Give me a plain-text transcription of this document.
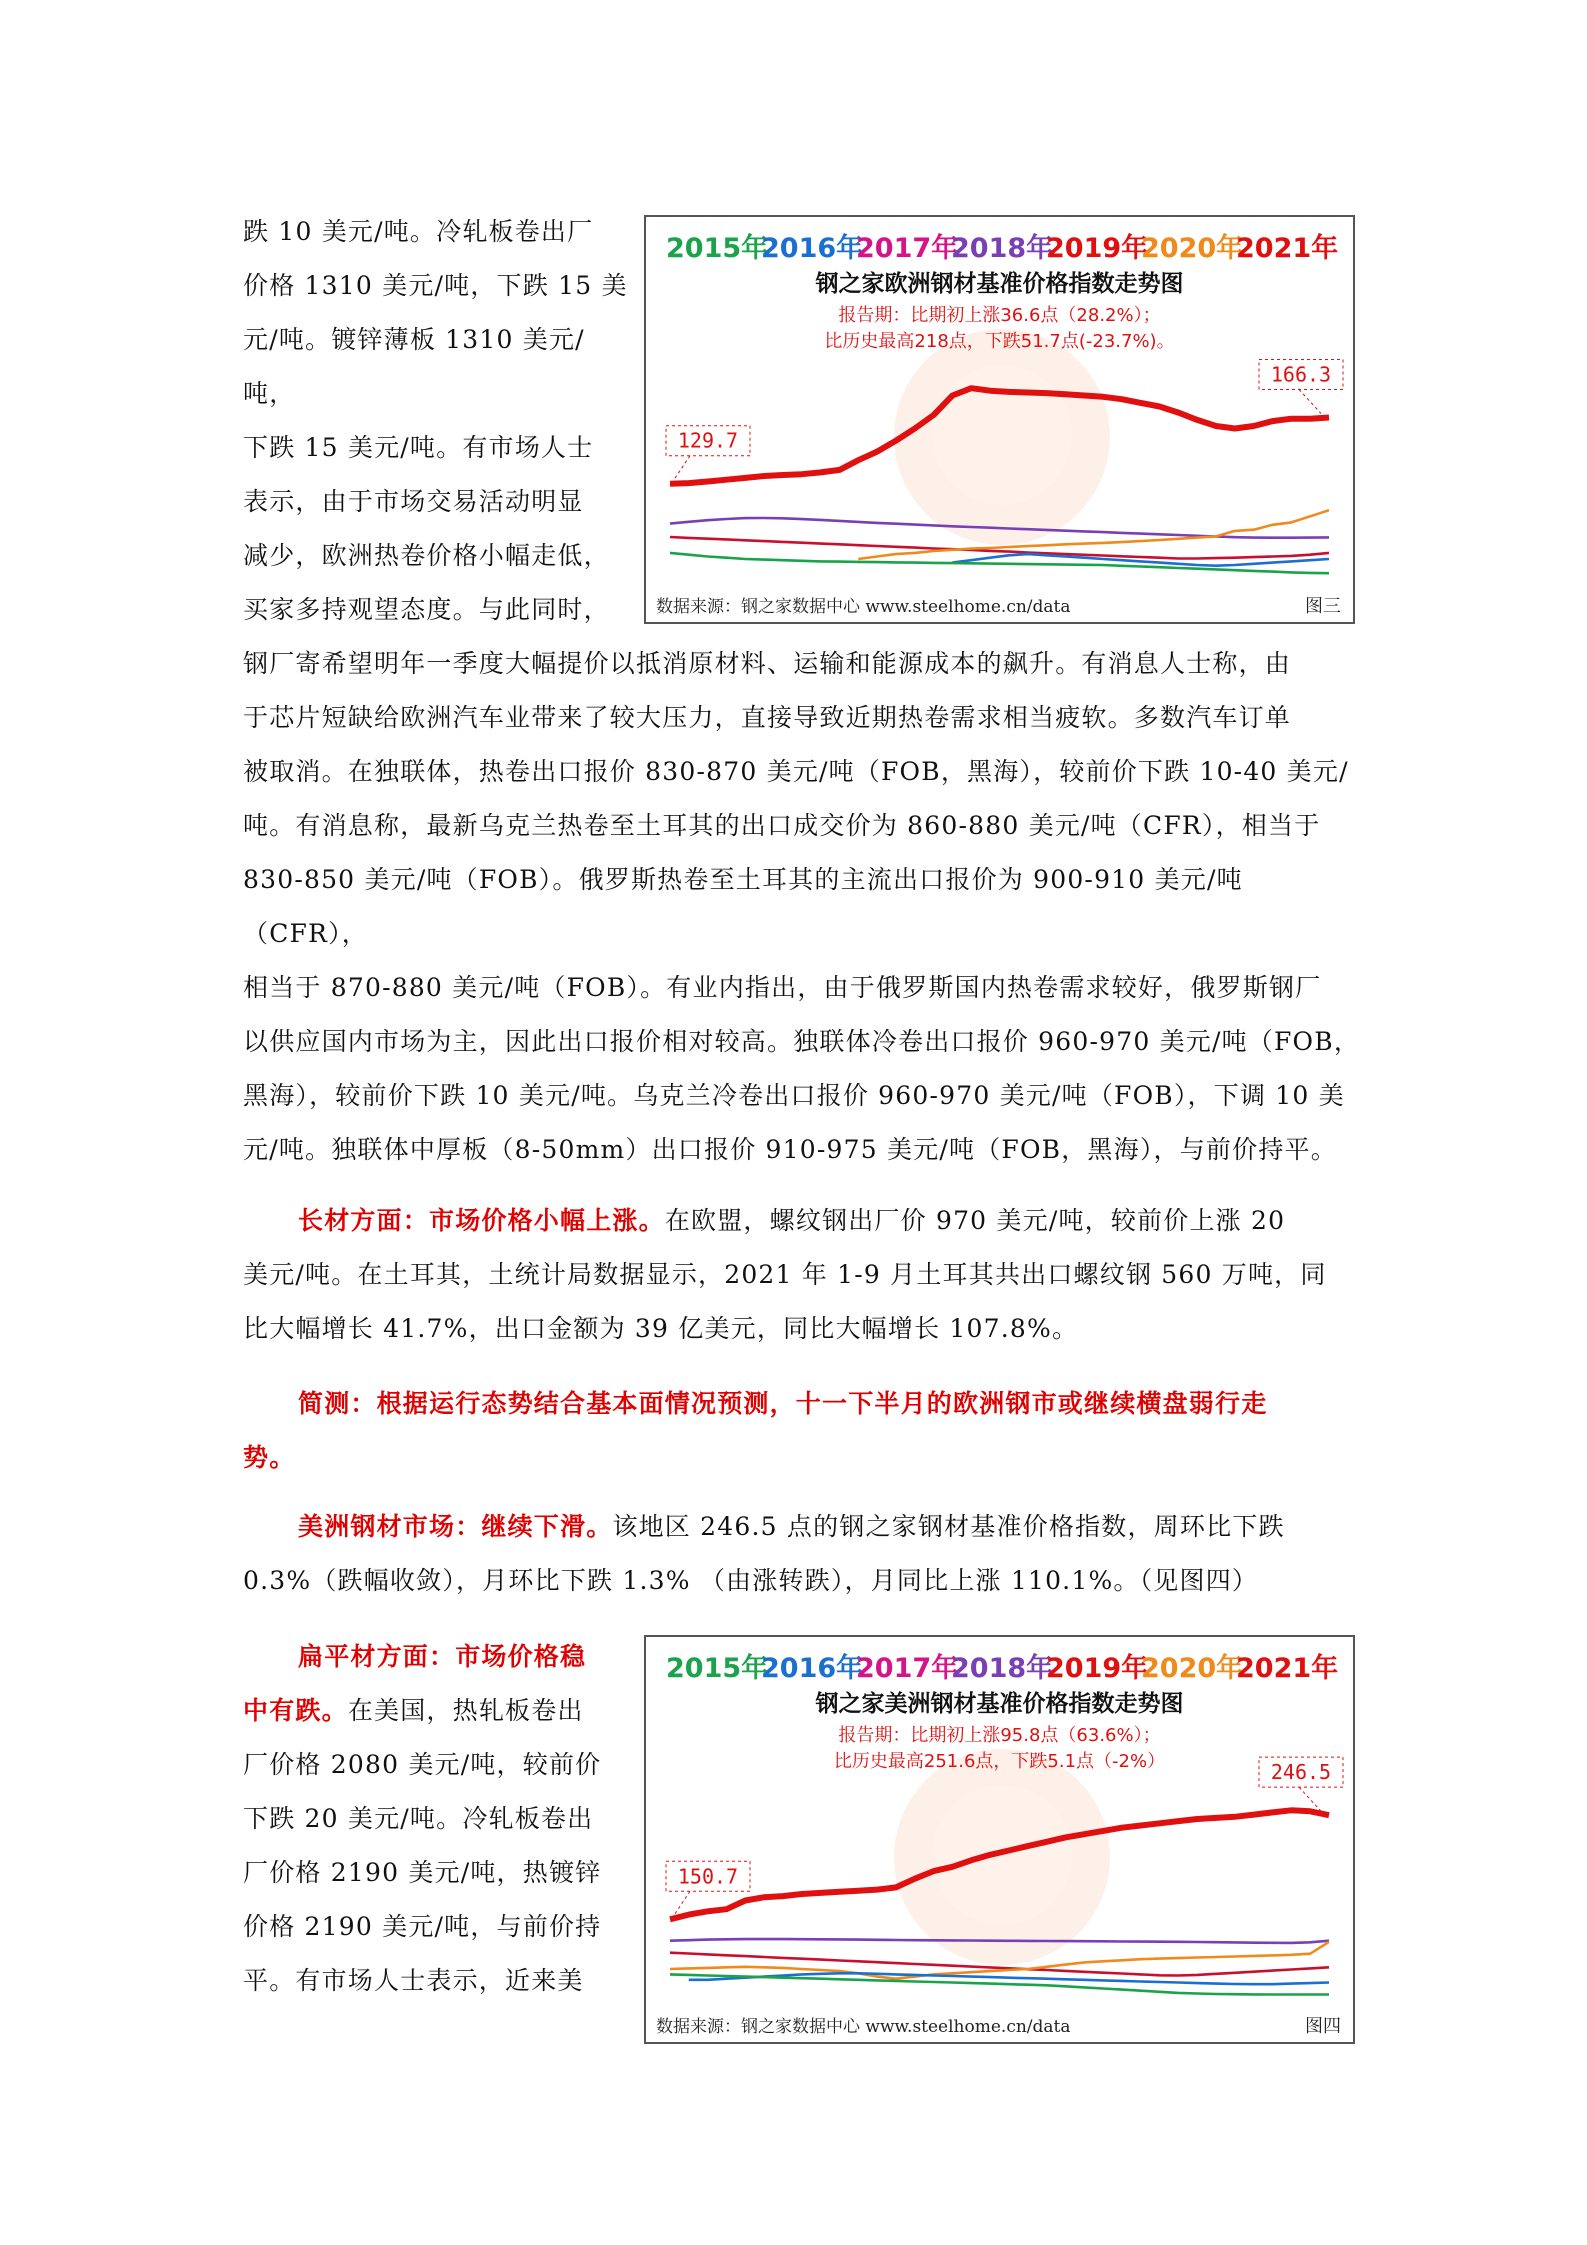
跌 10 美元/吨。冷轧板卷出厂
价格 1310 美元/吨，下跌 15 美
元/吨。镀锌薄板 1310 美元/吨，
下跌 15 美元/吨。有市场人士
表示，由于市场交易活动明显
减少，欧洲热卷价格小幅走低，
买家多持观望态度。与此同时，
2015年
2016年
2017年
2018年
2019年
2020年
2021年
钢之家欧洲钢材基准价格指数走势图
报告期：比期初上涨36.6点（28.2%）；
比历史最高218点，下跌51.7点(-23.7%)。
129.7
166.3
数据来源：钢之家数据中心 www.steelhome.cn/data	图三
钢厂寄希望明年一季度大幅提价以抵消原材料、运输和能源成本的飙升。有消息人士称，由
于芯片短缺给欧洲汽车业带来了较大压力，直接导致近期热卷需求相当疲软。多数汽车订单
被取消。在独联体，热卷出口报价 830-870 美元/吨（FOB，黑海），较前价下跌 10-40 美元/
吨。有消息称，最新乌克兰热卷至土耳其的出口成交价为 860-880 美元/吨（CFR），相当于
830-850 美元/吨（FOB）。俄罗斯热卷至土耳其的主流出口报价为 900-910 美元/吨（CFR），
相当于 870-880 美元/吨（FOB）。有业内指出，由于俄罗斯国内热卷需求较好，俄罗斯钢厂
以供应国内市场为主，因此出口报价相对较高。独联体冷卷出口报价 960-970 美元/吨（FOB，
黑海），较前价下跌 10 美元/吨。乌克兰冷卷出口报价 960-970 美元/吨（FOB），下调 10 美
元/吨。独联体中厚板（8-50mm）出口报价 910-975 美元/吨（FOB，黑海），与前价持平。
长材方面：市场价格小幅上涨。在欧盟，螺纹钢出厂价 970 美元/吨，较前价上涨 20
美元/吨。在土耳其，土统计局数据显示，2021 年 1-9 月土耳其共出口螺纹钢 560 万吨，同
比大幅增长 41.7%，出口金额为 39 亿美元，同比大幅增长 107.8%。
简测：根据运行态势结合基本面情况预测，十一下半月的欧洲钢市或继续横盘弱行走
势。
美洲钢材市场：继续下滑。该地区 246.5 点的钢之家钢材基准价格指数，周环比下跌
0.3%（跌幅收敛），月环比下跌 1.3% （由涨转跌），月同比上涨 110.1%。（见图四）
扁平材方面：市场价格稳
中有跌。在美国，热轧板卷出
厂价格 2080 美元/吨，较前价
下跌 20 美元/吨。冷轧板卷出
厂价格 2190 美元/吨，热镀锌
价格 2190 美元/吨，与前价持
平。有市场人士表示，近来美
2015年
2016年
2017年
2018年
2019年
2020年
2021年
钢之家美洲钢材基准价格指数走势图
报告期：比期初上涨95.8点（63.6%）；
比历史最高251.6点，下跌5.1点（-2%）
150.7
246.5
数据来源：钢之家数据中心 www.steelhome.cn/data	图四
